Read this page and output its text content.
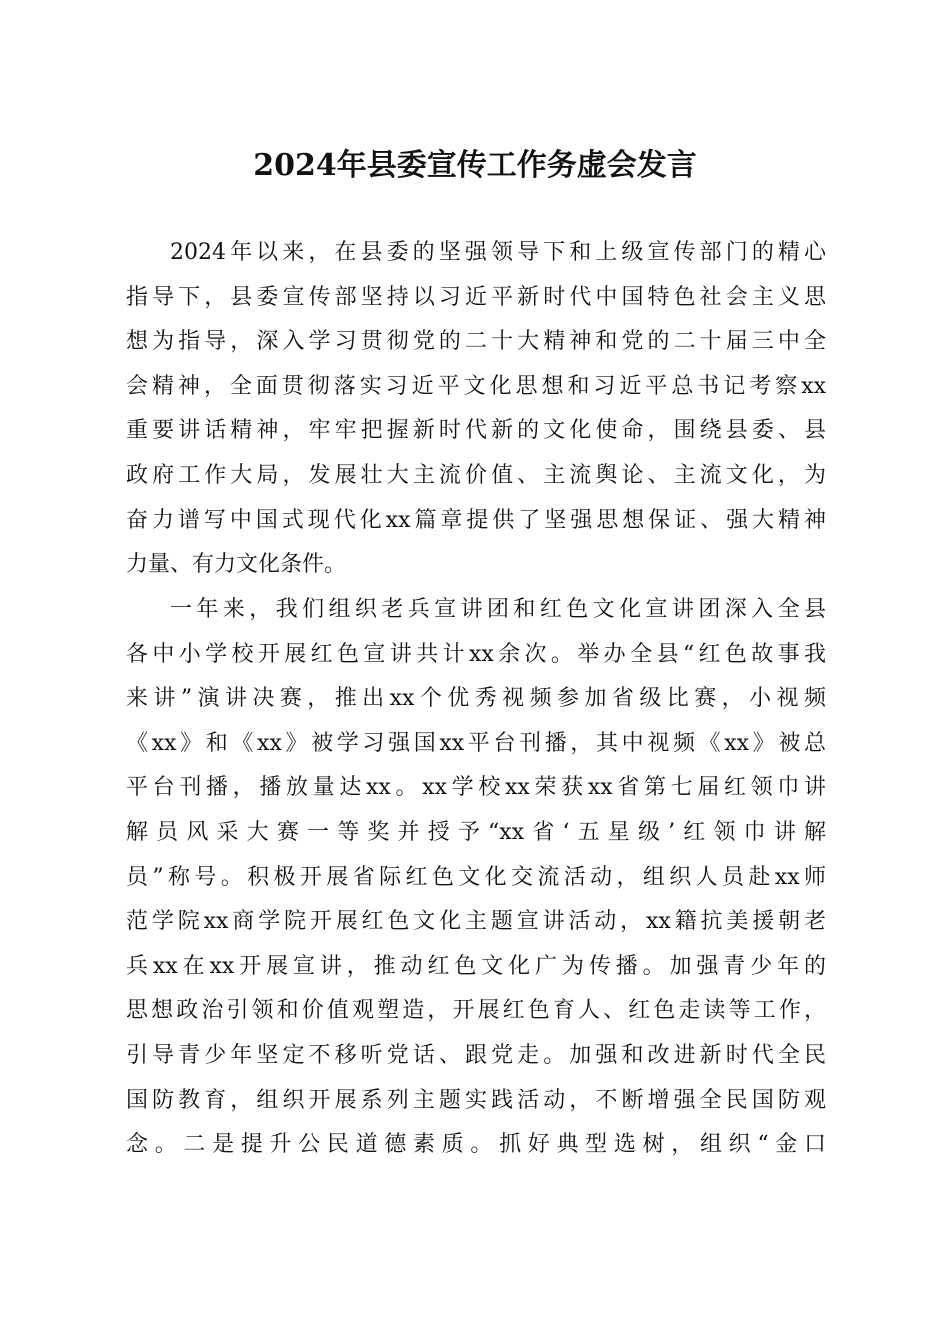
2024年县委宣传工作务虚会发言
2024年以来，在县委的坚强领导下和上级宣传部门的精心
指导下，县委宣传部坚持以习近平新时代中国特色社会主义思
想为指导，深入学习贯彻党的二十大精神和党的二十届三中全
会精神，全面贯彻落实习近平文化思想和习近平总书记考察xx
重要讲话精神，牢牢把握新时代新的文化使命，围绕县委、县
政府工作大局，发展壮大主流价值、主流舆论、主流文化，为
奋力谱写中国式现代化xx篇章提供了坚强思想保证、强大精神
力量、有力文化条件。
一年来，我们组织老兵宣讲团和红色文化宣讲团深入全县
各中小学校开展红色宣讲共计xx余次。举办全县“红色故事我
来讲”演讲决赛，推出xx个优秀视频参加省级比赛，小视频
《xx》和《xx》被学习强国xx平台刊播，其中视频《xx》被总
平台刊播，播放量达xx。xx学校xx荣获xx省第七届红领巾讲
解员风采大赛一等奖并授予“xx省‘五星级’红领巾讲解
员”称号。积极开展省际红色文化交流活动，组织人员赴xx师
范学院xx商学院开展红色文化主题宣讲活动，xx籍抗美援朝老
兵xx在xx开展宣讲，推动红色文化广为传播。加强青少年的
思想政治引领和价值观塑造，开展红色育人、红色走读等工作，
引导青少年坚定不移听党话、跟党走。加强和改进新时代全民
国防教育，组织开展系列主题实践活动，不断增强全民国防观
念。二是提升公民道德素质。抓好典型选树，组织“金口
